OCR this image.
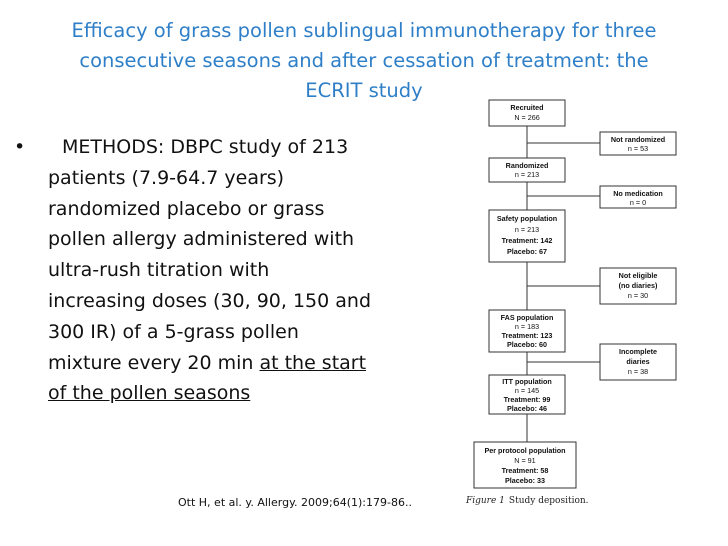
Efficacy of grass pollen sublingual immunotherapy for three
consecutive seasons and after cessation of treatment: the
ECRIT study
• METHODS: DBPC study of 213
patients (7.9-64.7 years)
randomized placebo or grass
pollen allergy administered with
ultra-rush titration with
increasing doses (30, 90, 150 and
300 IR) of a 5-grass pollen
mixture every 20 min at the start
of the pollen seasons
Recruited
N = 266
Randomized
n = 213
Safety population
n = 213
Treatment: 142
Placebo: 67
FAS population
n = 183
Treatment: 123
Placebo: 60
ITT population
n = 145
Treatment: 99
Placebo: 46
Per protocol population
N = 91
Treatment: 58
Placebo: 33
Not randomized
n = 53
No medication
n = 0
Not eligible
(no diaries)
n = 30
Incomplete
diaries
n = 38
Ott H, et al. y. Allergy. 2009;64(1):179-86..	Figure 1 Study deposition.
